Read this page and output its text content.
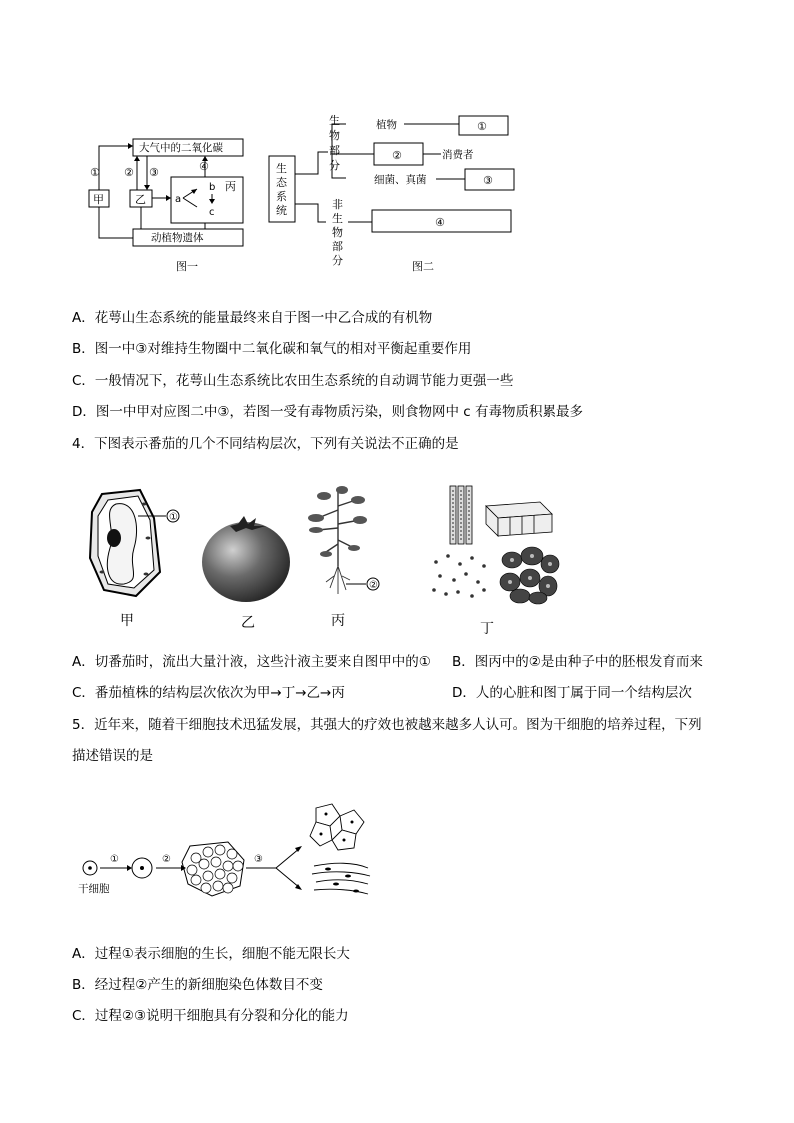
大气中的二氧化碳
动植物遗体
甲	乙
丙
a
b
c
① ② ③	④
图一
生
态
系
统
生
物
部
分
非
生
物
部
分
植物
消费者
细菌、真菌
①
②
③
④
图二
A．花萼山生态系统的能量最终来自于图一中乙合成的有机物
B．图一中③对维持生物圈中二氧化碳和氧气的相对平衡起重要作用
C．一般情况下，花萼山生态系统比农田生态系统的自动调节能力更强一些
D．图一中甲对应图二中③，若图一受有毒物质污染，则食物网中 c 有毒物质积累最多
4．下图表示番茄的几个不同结构层次，下列有关说法不正确的是
①
②
甲	乙	丙	丁
A．切番茄时，流出大量汁液，这些汁液主要来自图甲中的① B．图丙中的②是由种子中的胚根发育而来
C．番茄植株的结构层次依次为甲→丁→乙→丙	D．人的心脏和图丁属于同一个结构层次
5．近年来，随着干细胞技术迅猛发展，其强大的疗效也被越来越多人认可。图为干细胞的培养过程，下列
描述错误的是
①	②	③
干细胞
A．过程①表示细胞的生长，细胞不能无限长大
B．经过程②产生的新细胞染色体数目不变
C．过程②③说明干细胞具有分裂和分化的能力
